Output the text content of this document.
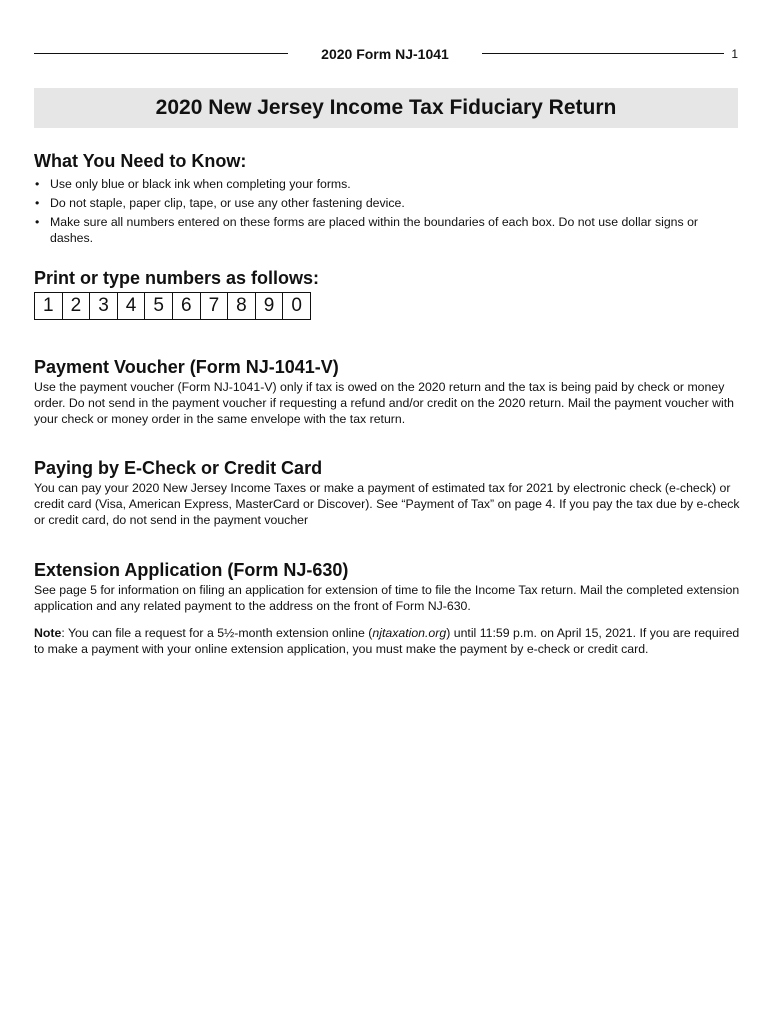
2020 Form NJ-1041	1
2020 New Jersey Income Tax Fiduciary Return
What You Need to Know:
• Use only blue or black ink when completing your forms.
• Do not staple, paper clip, tape, or use any other fastening device.
• Make sure all numbers entered on these forms are placed within the boundaries of each box. Do not use dollar signs or dashes.
Print or type numbers as follows:
1 2 3 4 5 6 7 8 9 0
Payment Voucher (Form NJ-1041-V)

Use the payment voucher (Form NJ-1041-V) only if tax is owed on the 2020 return and the tax is being paid by check or money order. Do not send in the payment voucher if requesting a refund and/or credit on the 2020 return. Mail the payment voucher with your check or money order in the same envelope with the tax return.

Paying by E-Check or Credit Card

You can pay your 2020 New Jersey Income Taxes or make a payment of estimated tax for 2021 by electronic check (e-check) or credit card (Visa, American Express, MasterCard or Discover). See “Payment of Tax” on page 4. If you pay the tax due by e-check or credit card, do not send in the payment voucher

Extension Application (Form NJ-630)

See page 5 for information on filing an application for extension of time to file the Income Tax return. Mail the completed extension application and any related payment to the address on the front of Form NJ-630.

Note: You can file a request for a 5½-month extension online (njtaxation.org) until 11:59 p.m. on April 15, 2021. If you are required to make a payment with your online extension application, you must make the payment by e-check or credit card.
